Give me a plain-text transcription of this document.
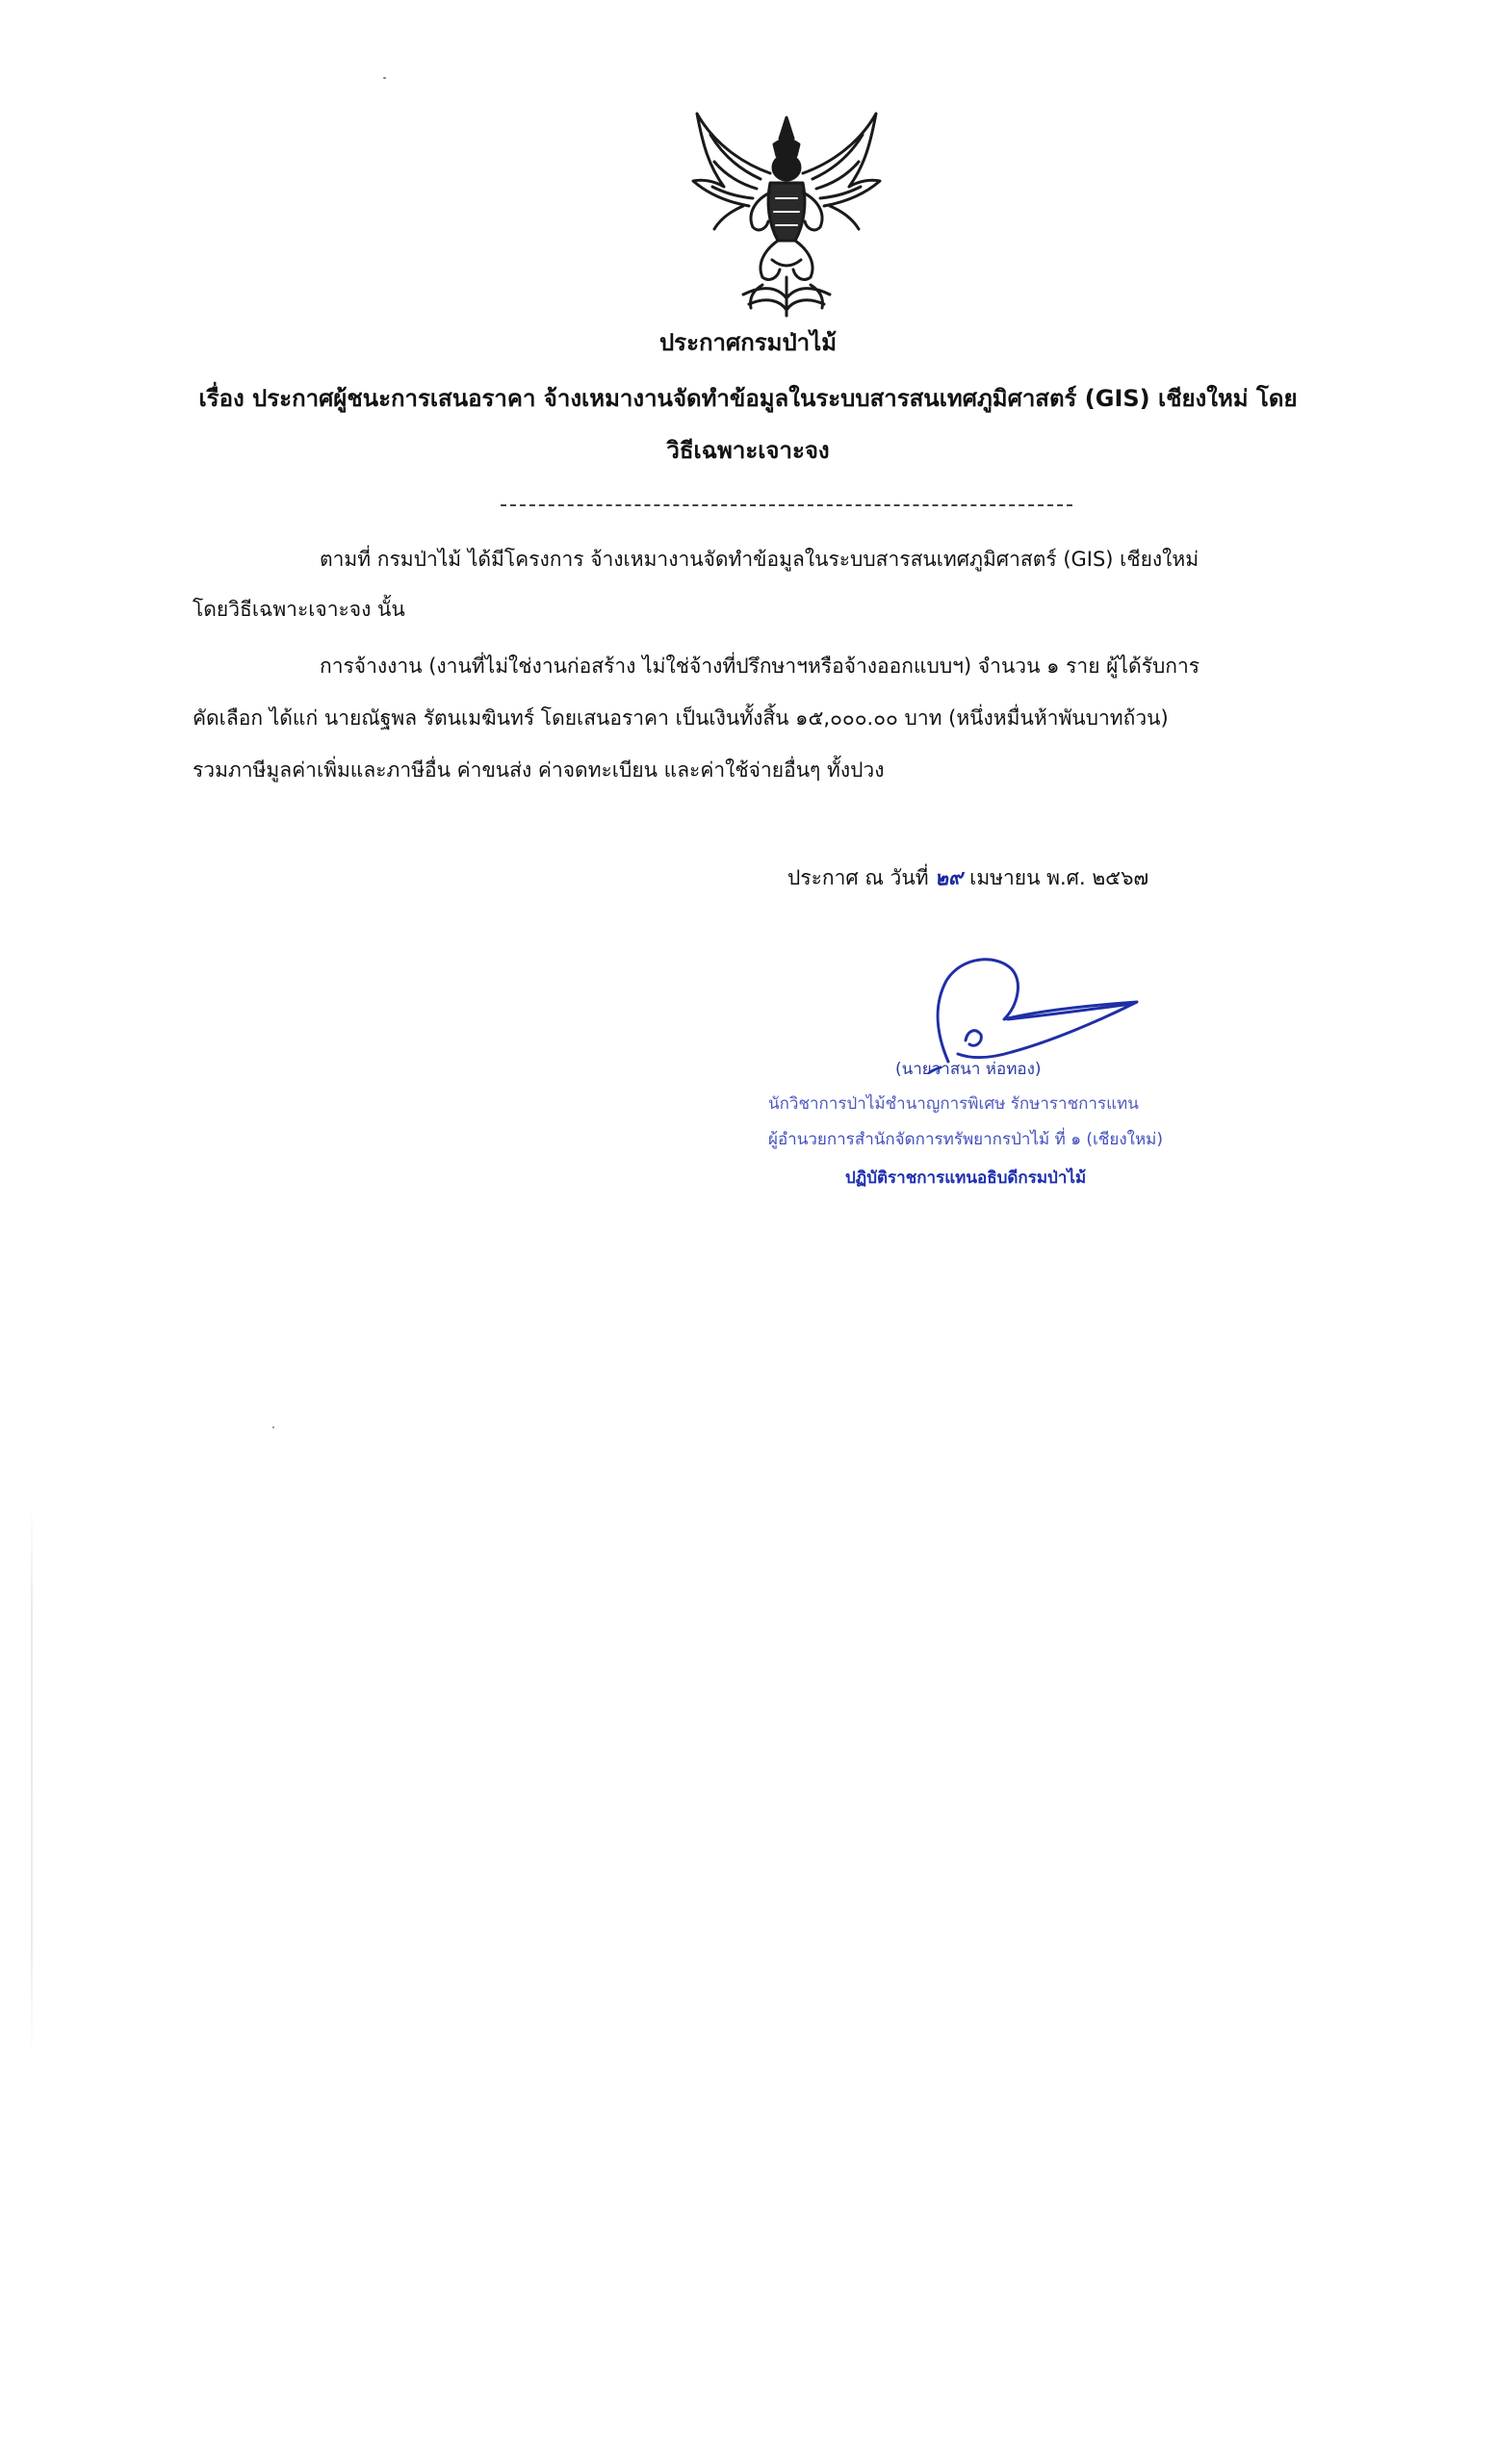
ประกาศกรมป่าไม้
เรื่อง ประกาศผู้ชนะการเสนอราคา จ้างเหมางานจัดทำข้อมูลในระบบสารสนเทศภูมิศาสตร์ (GIS) เชียงใหม่ โดย
วิธีเฉพาะเจาะจง
ตามที่ กรมป่าไม้ ได้มีโครงการ จ้างเหมางานจัดทำข้อมูลในระบบสารสนเทศภูมิศาสตร์ (GIS) เชียงใหม่
โดยวิธีเฉพาะเจาะจง นั้น
การจ้างงาน (งานที่ไม่ใช่งานก่อสร้าง ไม่ใช่จ้างที่ปรึกษาฯหรือจ้างออกแบบฯ) จำนวน ๑ ราย ผู้ได้รับการ
คัดเลือก ได้แก่ นายณัฐพล รัตนเมฆินทร์ โดยเสนอราคา เป็นเงินทั้งสิ้น ๑๕,๐๐๐.๐๐ บาท (หนึ่งหมื่นห้าพันบาทถ้วน)
รวมภาษีมูลค่าเพิ่มและภาษีอื่น ค่าขนส่ง ค่าจดทะเบียน และค่าใช้จ่ายอื่นๆ ทั้งปวง
ประกาศ ณ วันที่ ๒๙ เมษายน พ.ศ. ๒๕๖๗
(นายวาสนา ห่อทอง)
นักวิชาการป่าไม้ชำนาญการพิเศษ รักษาราชการแทน
ผู้อำนวยการสำนักจัดการทรัพยากรป่าไม้ ที่ ๑ (เชียงใหม่)
ปฏิบัติราชการแทนอธิบดีกรมป่าไม้
